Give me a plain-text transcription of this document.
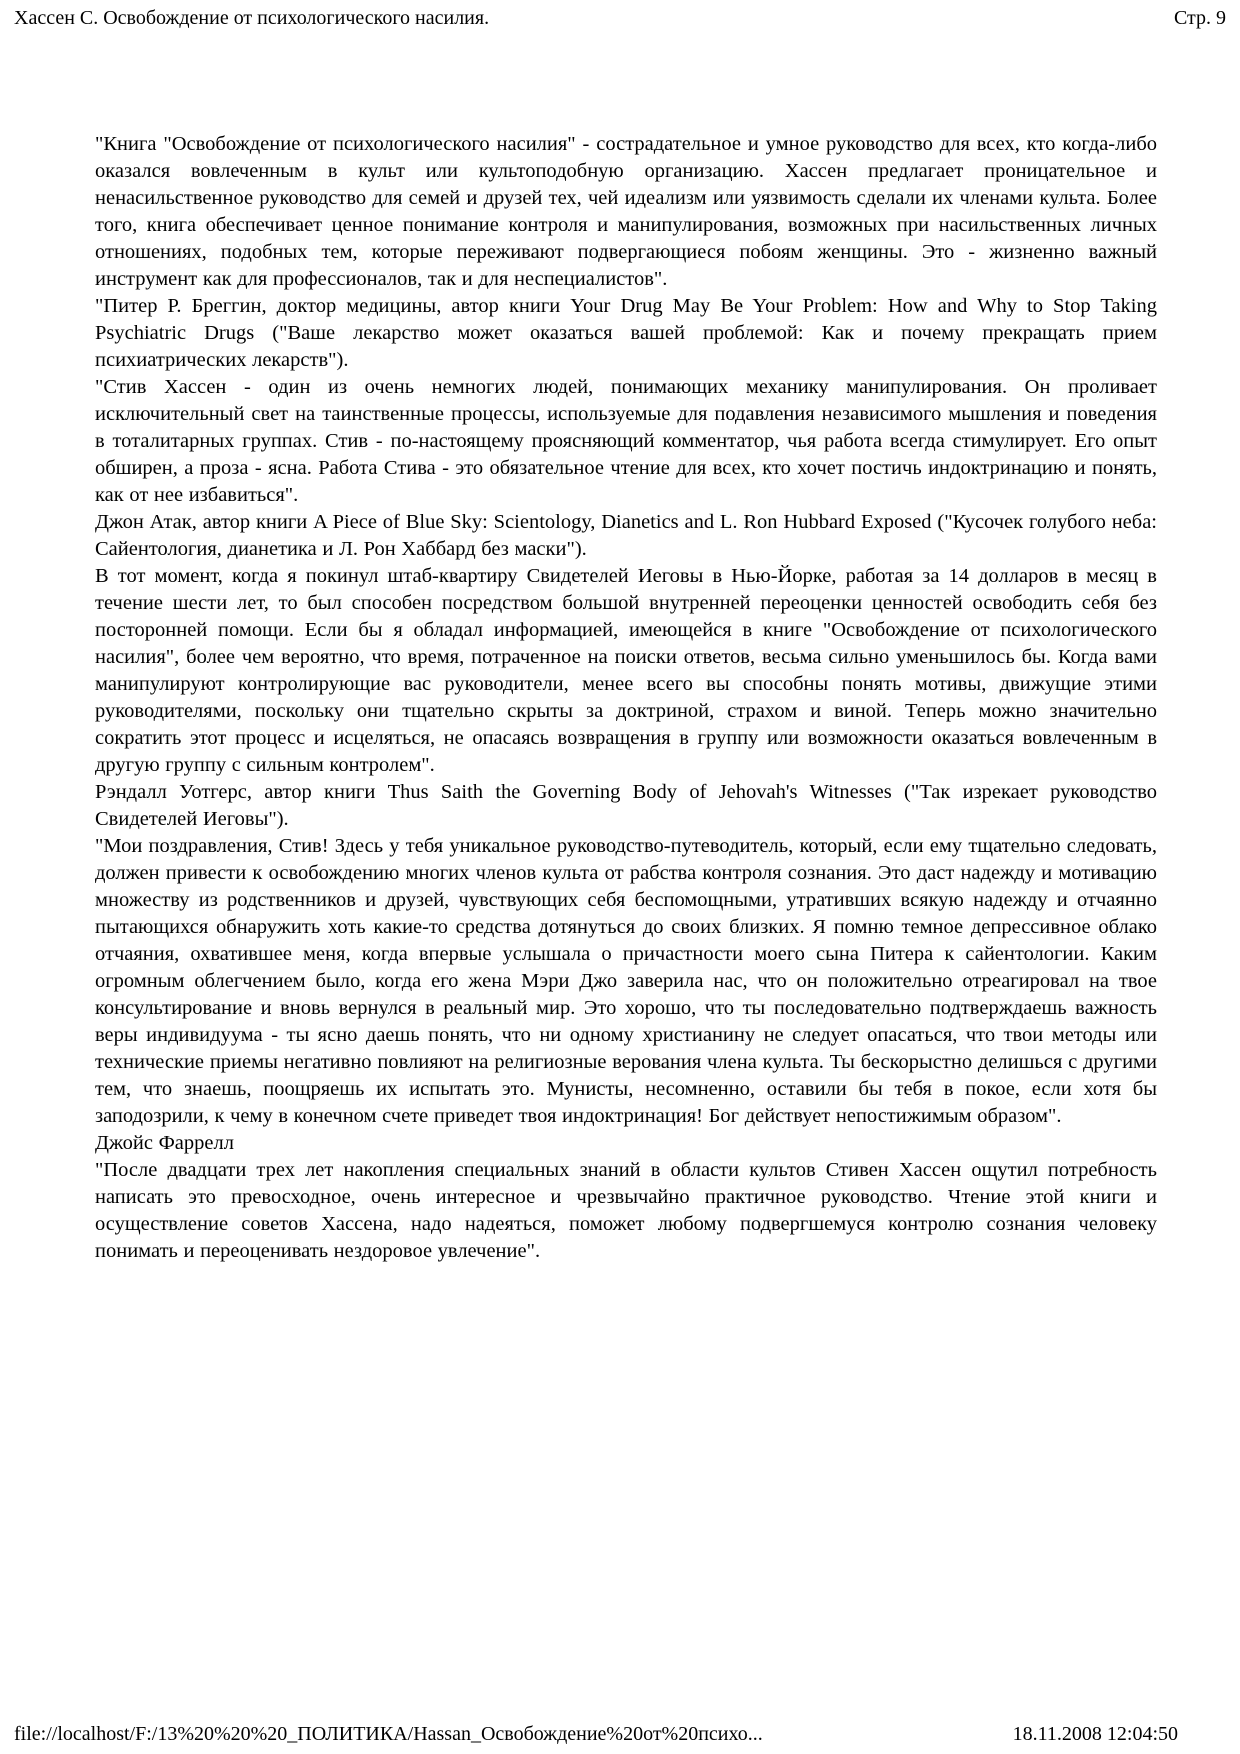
Хассен С. Освобождение от психологического насилия.	Стр. 9

"Книга "Освобождение от психологического насилия" - сострадательное и умное руководство для всех, кто когда-либо оказался вовлеченным в культ или культоподобную организацию. Хассен предлагает проницательное и ненасильственное руководство для семей и друзей тех, чей идеализм или уязвимость сделали их членами культа. Более того, книга обеспечивает ценное понимание контроля и манипулирования, возможных при насильственных личных отношениях, подобных тем, которые переживают подвергающиеся побоям женщины. Это - жизненно важный инструмент как для профессионалов, так и для неспециалистов".

"Питер Р. Бреггин, доктор медицины, автор книги Your Drug May Be Your Problem: How and Why to Stop Taking Psychiatric Drugs ("Ваше лекарство может оказаться вашей проблемой: Как и почему прекращать прием психиатрических лекарств").

"Стив Хассен - один из очень немногих людей, понимающих механику манипулирования. Он проливает исключительный свет на таинственные процессы, используемые для подавления независимого мышления и поведения в тоталитарных группах. Стив - по-настоящему проясняющий комментатор, чья работа всегда стимулирует. Его опыт обширен, а проза - ясна. Работа Стива - это обязательное чтение для всех, кто хочет постичь индоктринацию и понять, как от нее избавиться".

Джон Атак, автор книги A Piece of Blue Sky: Scientology, Dianetics and L. Ron Hubbard Exposed ("Кусочек голубого неба: Сайентология, дианетика и Л. Рон Хаббард без маски").

В тот момент, когда я покинул штаб-квартиру Свидетелей Иеговы в Нью-Йорке, работая за 14 долларов в месяц в течение шести лет, то был способен посредством большой внутренней переоценки ценностей освободить себя без посторонней помощи. Если бы я обладал информацией, имеющейся в книге "Освобождение от психологического насилия", более чем вероятно, что время, потраченное на поиски ответов, весьма сильно уменьшилось бы. Когда вами манипулируют контролирующие вас руководители, менее всего вы способны понять мотивы, движущие этими руководителями, поскольку они тщательно скрыты за доктриной, страхом и виной. Теперь можно значительно сократить этот процесс и исцеляться, не опасаясь возвращения в группу или возможности оказаться вовлеченным в другую группу с сильным контролем".

Рэндалл Уотгерс, автор книги Thus Saith the Governing Body of Jehovah's Witnesses ("Так изрекает руководство Свидетелей Иеговы").

"Мои поздравления, Стив! Здесь у тебя уникальное руководство-путеводитель, который, если ему тщательно следовать, должен привести к освобождению многих членов культа от рабства контроля сознания. Это даст надежду и мотивацию множеству из родственников и друзей, чувствующих себя беспомощными, утративших всякую надежду и отчаянно пытающихся обнаружить хоть какие-то средства дотянуться до своих близких. Я помню темное депрессивное облако отчаяния, охватившее меня, когда впервые услышала о причастности моего сына Питера к сайентологии. Каким огромным облегчением было, когда его жена Мэри Джо заверила нас, что он положительно отреагировал на твое консультирование и вновь вернулся в реальный мир. Это хорошо, что ты последовательно подтверждаешь важность веры индивидуума - ты ясно даешь понять, что ни одному христианину не следует опасаться, что твои методы или технические приемы негативно повлияют на религиозные верования члена культа. Ты бескорыстно делишься с другими тем, что знаешь, поощряешь их испытать это. Мунисты, несомненно, оставили бы тебя в покое, если хотя бы заподозрили, к чему в конечном счете приведет твоя индоктринация! Бог действует непостижимым образом".

Джойс Фаррелл

"После двадцати трех лет накопления специальных знаний в области культов Стивен Хассен ощутил потребность написать это превосходное, очень интересное и чрезвычайно практичное руководство. Чтение этой книги и осуществление советов Хассена, надо надеяться, поможет любому подвергшемуся контролю сознания человеку понимать и переоценивать нездоровое увлечение".

file://localhost/F:/13%20%20%20_ПОЛИТИКА/Hassan_Освобождение%20от%20психо...	18.11.2008 12:04:50
